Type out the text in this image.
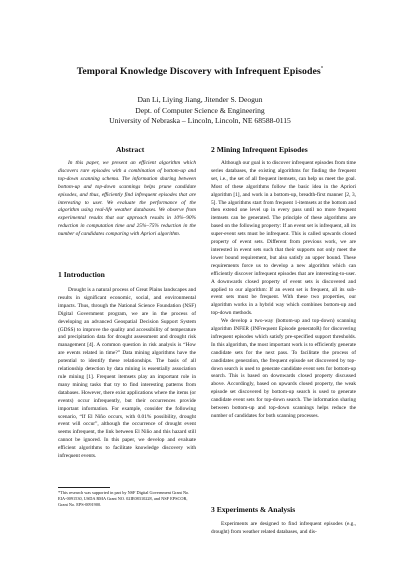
Temporal Knowledge Discovery with Infrequent Episodes*
Dan Li, Liying Jiang, Jitender S. Deogun
Dept. of Computer Science & Engineering
University of Nebraska – Lincoln, Lincoln, NE 68588-0115
Abstract

In this paper, we present an efficient algorithm which discovers rare episodes with a combination of bottom-up and top-down scanning schema. The information sharing between bottom-up and top-down scannings helps prune candidate episodes, and thus, efficiently find infrequent episodes that are interesting to user. We evaluate the performance of the algorithm using real-life weather databases. We observe from experimental results that our approach results in 10%–90% reduction in computation time and 25%–75% reduction in the number of candidates comparing with Apriori algorithm.

1 Introduction

Drought is a natural process of Great Plains landscapes and results in significant economic, social, and environmental impacts. Thus, through the National Science Foundation (NSF) Digital Government program, we are in the process of developing an advanced Geospatial Decision Support System (GDSS) to improve the quality and accessibility of temperature and precipitation data for drought assessment and drought risk management [4]. A common question in risk analysis is “How are events related in time?” Data mining algorithms have the potential to identify these relationships. The basis of all relationship detection by data mining is essentially association rule mining [1]. Frequent itemsets play an important role in many mining tasks that try to find interesting patterns from databases. However, there exist applications where the items (or events) occur infrequently, but their occurrences provide important information. For example, consider the following scenario, “If El Niño occurs, with 0.01% possibility, drought event will occur”, although the occurrence of drought event seems infrequent, the link between El Niño and this hazard still cannot be ignored. In this paper, we develop and evaluate efficient algorithms to facilitate knowledge discovery with infrequent events.

*This research was supported in part by NSF Digital Government Grant No. EIA-0091530, USDA RMA Grant NO. 02IE08310228, and NSF EPSCOR, Grant No. EPS-0091900.
2 Mining Infrequent Episodes

Although our goal is to discover infrequent episodes from time series databases, the existing algorithms for finding the frequent set, i.e., the set of all frequent itemsets, can help us meet the goal. Most of these algorithms follow the basic idea in the Apriori algorithm [1], and work in a bottom-up, breadth-first manner [2, 3, 5]. The algorithms start from frequent 1-itemsets at the bottom and then extend one level up in every pass until no more frequent itemsets can be generated. The principle of these algorithms are based on the following property: If an event set is infrequent, all its super-event sets must be infrequent. This is called upwards closed property of event sets. Different from previous work, we are interested in event sets such that their supports not only meet the lower bound requirement, but also satisfy an upper bound. These requirements force us to develop a new algorithm which can efficiently discover infrequent episodes that are interesting-to-user. A downwards closed property of event sets is discovered and applied to our algorithm: If an event set is frequent, all its sub-event sets must be frequent. With these two properties, our algorithm works in a hybrid way which combines bottom-up and top-down methods.

We develop a two-way (bottom-up and top-down) scanning algorithm INFER (INFrequent Episode generatoR) for discovering infrequent episodes which satisfy pre-specified support thresholds. In this algorithm, the most important work is to efficiently generate candidate sets for the next pass. To facilitate the process of candidates generation, the frequent episode set discovered by top-down search is used to generate candidate event sets for bottom-up search. This is based on downwards closed property discussed above. Accordingly, based on upwards closed property, the weak episode set discovered by bottom-up search is used to generate candidate event sets for top-down search. The information sharing between bottom-up and top-down scannings helps reduce the number of candidates for both scanning processes.

3 Experiments & Analysis

Experiments are designed to find infrequent episodes (e.g., drought) from weather related databases, and dis-
